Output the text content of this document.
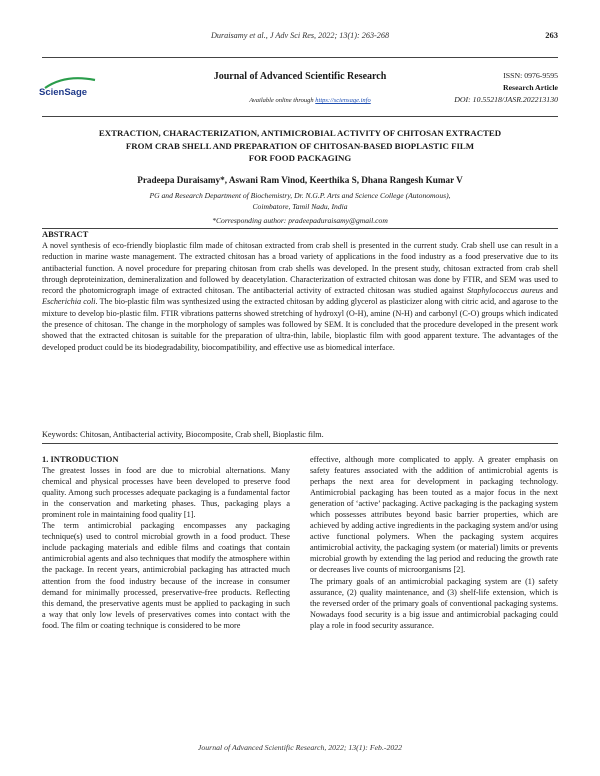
Duraisamy et al., J Adv Sci Res, 2022; 13(1): 263-268	263
ScienSage
Journal of Advanced Scientific Research
Available online through https://sciensage.info
ISSN: 0976-9595
Research Article
DOI: 10.55218/JASR.202213130
EXTRACTION, CHARACTERIZATION, ANTIMICROBIAL ACTIVITY OF CHITOSAN EXTRACTED
FROM CRAB SHELL AND PREPARATION OF CHITOSAN-BASED BIOPLASTIC FILM
FOR FOOD PACKAGING
Pradeepa Duraisamy*, Aswani Ram Vinod, Keerthika S, Dhana Rangesh Kumar V
PG and Research Department of Biochemistry, Dr. N.G.P. Arts and Science College (Autonomous),
Coimbatore, Tamil Nadu, India
*Corresponding author: pradeepaduraisamy@gmail.com
ABSTRACT
A novel synthesis of eco-friendly bioplastic film made of chitosan extracted from crab shell is presented in the current study. Crab shell use can result in a reduction in marine waste management. The extracted chitosan has a broad variety of applications in the food industry as a food preservative due to its antibacterial function. A novel procedure for preparing chitosan from crab shells was developed. In the present study, chitosan extracted from crab shell through deproteinization, demineralization and followed by deacetylation. Characterization of extracted chitosan was done by FTIR, and SEM was used to record the photomicrograph image of extracted chitosan. The antibacterial activity of extracted chitosan was studied against Staphylococcus aureus and Escherichia coli. The bio-plastic film was synthesized using the extracted chitosan by adding glycerol as plasticizer along with citric acid, and agarose to the mixture to develop bio-plastic film. FTIR vibrations patterns showed stretching of hydroxyl (O-H), amine (N-H) and carbonyl (C-O) groups which indicated the presence of chitosan. The change in the morphology of samples was followed by SEM. It is concluded that the procedure developed in the present work showed that the extracted chitosan is suitable for the preparation of ultra-thin, labile, bioplastic film with good apparent texture. The advantages of the developed product could be its biodegradability, biocompatibility, and effective use as biomedical interface.
Keywords: Chitosan, Antibacterial activity, Biocomposite, Crab shell, Bioplastic film.
1. INTRODUCTION

The greatest losses in food are due to microbial alternations. Many chemical and physical processes have been developed to preserve food quality. Among such processes adequate packaging is a fundamental factor in the conservation and marketing phases. Thus, packaging plays a prominent role in maintaining food quality [1].

The term antimicrobial packaging encompasses any packaging technique(s) used to control microbial growth in a food product. These include packaging materials and edible films and coatings that contain antimicrobial agents and also techniques that modify the atmosphere within the package. In recent years, antimicrobial packaging has attracted much attention from the food industry because of the increase in consumer demand for minimally processed, preservative-free products. Reflecting this demand, the preservative agents must be applied to packaging in such a way that only low levels of preservatives comes into contact with the food. The film or coating technique is considered to be more

effective, although more complicated to apply. A greater emphasis on safety features associated with the addition of antimicrobial agents is perhaps the next area for development in packaging technology. Antimicrobial packaging has been touted as a major focus in the next generation of ‘active’ packaging. Active packaging is the packaging system which possesses attributes beyond basic barrier properties, which are achieved by adding active ingredients in the packaging system and/or using active functional polymers. When the packaging system acquires antimicrobial activity, the packaging system (or material) limits or prevents microbial growth by extending the lag period and reducing the growth rate or decreases live counts of microorganisms [2].

The primary goals of an antimicrobial packaging system are (1) safety assurance, (2) quality maintenance, and (3) shelf-life extension, which is the reversed order of the primary goals of conventional packaging systems. Nowadays food security is a big issue and antimicrobial packaging could play a role in food security assurance.

Journal of Advanced Scientific Research, 2022; 13(1): Feb.-2022
